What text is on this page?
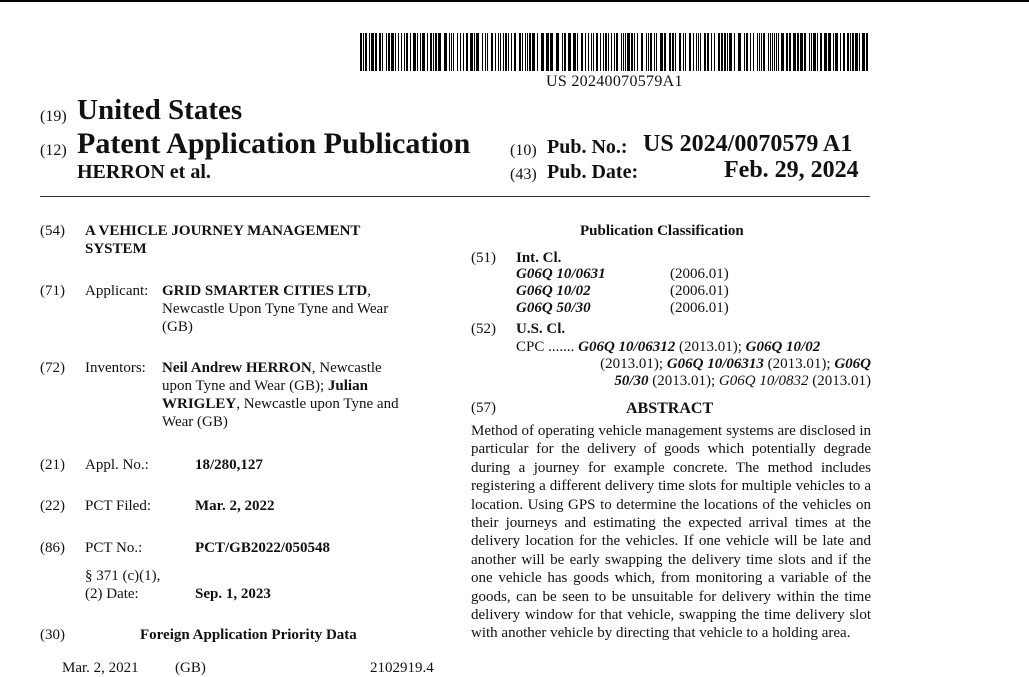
US 20240070579A1
(19) United States
(12) Patent Application Publication
HERRON et al.
(10) Pub. No.: US 2024/0070579 A1
(43) Pub. Date:	Feb. 29, 2024
(54) A VEHICLE JOURNEY MANAGEMENT
SYSTEM
(71) Applicant: GRID SMARTER CITIES LTD,
Newcastle Upon Tyne Tyne and Wear
(GB)
(72) Inventors: Neil Andrew HERRON, Newcastle
upon Tyne and Wear (GB); Julian
WRIGLEY, Newcastle upon Tyne and
Wear (GB)
(21) Appl. No.:	18/280,127
(22) PCT Filed:	Mar. 2, 2022
(86) PCT No.:	PCT/GB2022/050548
§ 371 (c)(1),
(2) Date:	Sep. 1, 2023
(30)	Foreign Application Priority Data
Mar. 2, 2021 (GB)	2102919.4
Publication Classification
(51) Int. Cl.
G06Q 10/0631	(2006.01)
G06Q 10/02	(2006.01)
G06Q 50/30	(2006.01)
(52) U.S. Cl.
CPC ....... G06Q 10/06312 (2013.01); G06Q 10/02
(2013.01); G06Q 10/06313 (2013.01); G06Q
50/30 (2013.01); G06Q 10/0832 (2013.01)
(57)	ABSTRACT
Method of operating vehicle management systems are disclosed in particular for the delivery of goods which potentially degrade during a journey for example concrete. The method includes registering a different delivery time slots for multiple vehicles to a location. Using GPS to determine the locations of the vehicles on their journeys and estimating the expected arrival times at the delivery location for the vehicles. If one vehicle will be late and another will be early swapping the delivery time slots and if the one vehicle has goods which, from monitoring a variable of the goods, can be seen to be unsuitable for delivery within the time delivery window for that vehicle, swapping the time delivery slot with another vehicle by directing that vehicle to a holding area.
